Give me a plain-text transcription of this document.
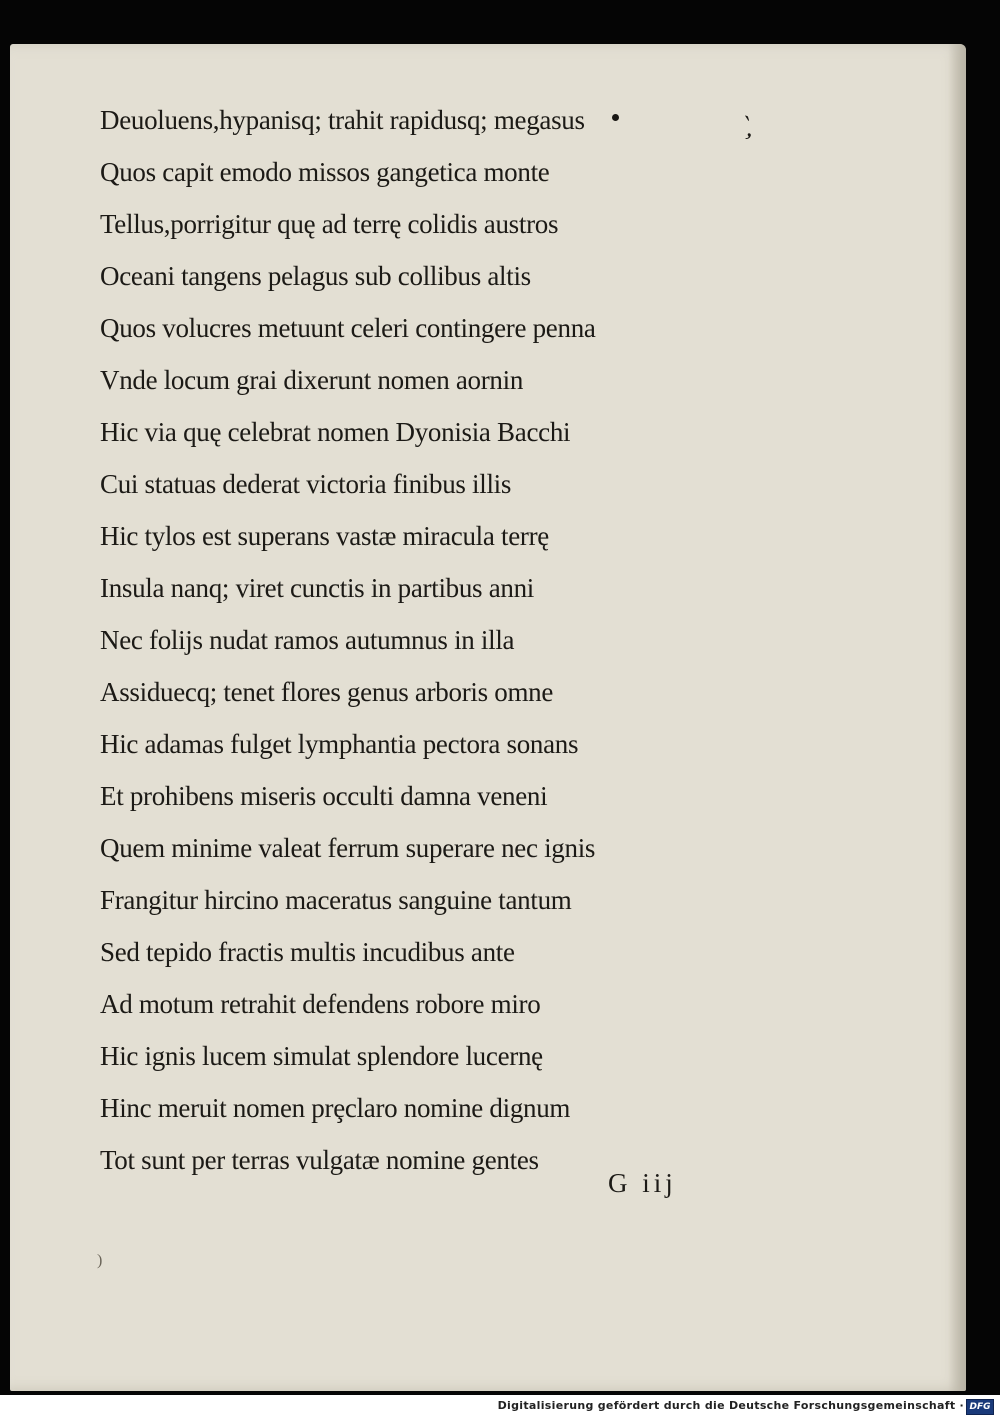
`,
Deuoluens,hypanisq; trahit rapidusq; megasus
Quos capit emodo missos gangetica monte
Tellus,porrigitur quę ad terrę colidis austros
Oceani tangens pelagus sub collibus altis
Quos volucres metuunt celeri contingere penna
Vnde locum grai dixerunt nomen aornin
Hic via quę celebrat nomen Dyonisia Bacchi
Cui statuas dederat victoria finibus illis
Hic tylos est superans vastæ miracula terrę
Insula nanq; viret cunctis in partibus anni
Nec folijs nudat ramos autumnus in illa
Assiduecq; tenet flores genus arboris omne
Hic adamas fulget lymphantia pectora sonans
Et prohibens miseris occulti damna veneni
Quem minime valeat ferrum superare nec ignis
Frangitur hircino maceratus sanguine tantum
Sed tepido fractis multis incudibus ante
Ad motum retrahit defendens robore miro
Hic ignis lucem simulat splendore lucernę
Hinc meruit nomen prȩclaro nomine dignum
Tot sunt per terras vulgatæ nomine gentes
G iij
)
Digitalisierung gefördert durch die Deutsche Forschungsgemeinschaft · DFG
